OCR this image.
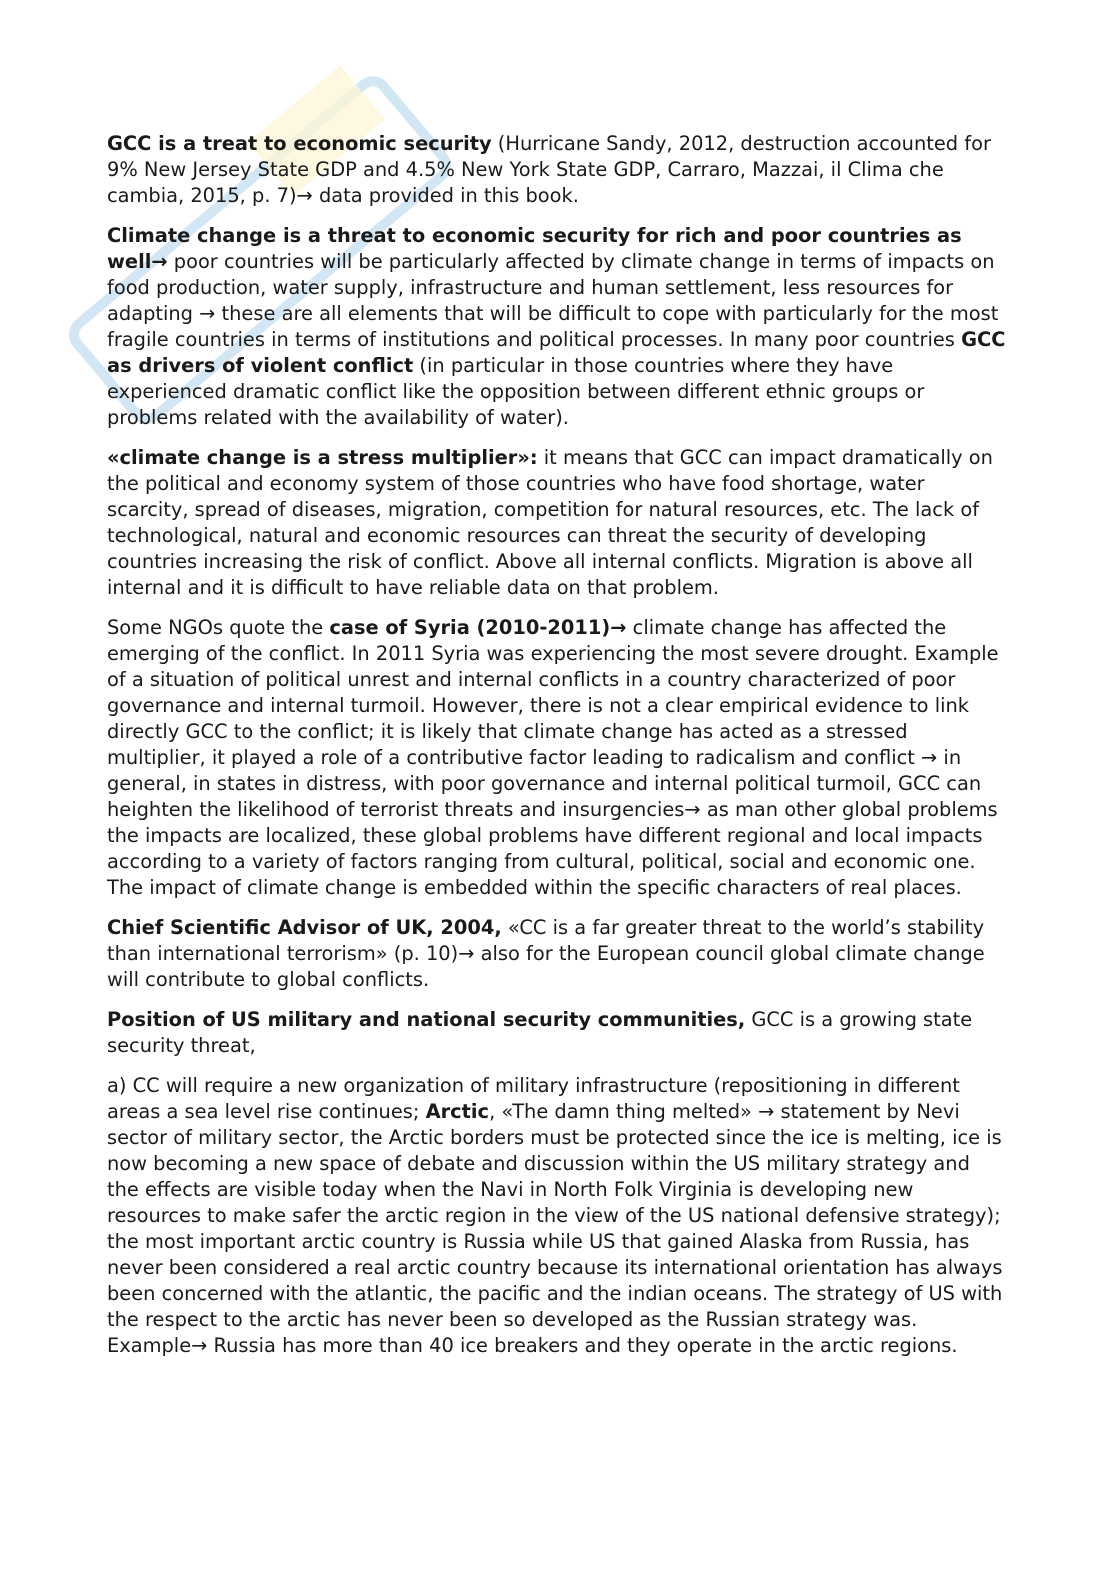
GCC is a treat to economic security (Hurricane Sandy, 2012, destruction accounted for 9% New Jersey State GDP and 4.5% New York State GDP, Carraro, Mazzai, il Clima che cambia, 2015, p. 7)→ data provided in this book.

Climate change is a threat to economic security for rich and poor countries as well→ poor countries will be particularly affected by climate change in terms of impacts on food production, water supply, infrastructure and human settlement, less resources for adapting → these are all elements that will be difficult to cope with particularly for the most fragile countries in terms of institutions and political processes. In many poor countries GCC as drivers of violent conflict (in particular in those countries where they have experienced dramatic conflict like the opposition between different ethnic groups or problems related with the availability of water).

«climate change is a stress multiplier»: it means that GCC can impact dramatically on the political and economy system of those countries who have food shortage, water scarcity, spread of diseases, migration, competition for natural resources, etc. The lack of technological, natural and economic resources can threat the security of developing countries increasing the risk of conflict. Above all internal conflicts. Migration is above all internal and it is difficult to have reliable data on that problem.

Some NGOs quote the case of Syria (2010-2011)→ climate change has affected the emerging of the conflict. In 2011 Syria was experiencing the most severe drought. Example of a situation of political unrest and internal conflicts in a country characterized of poor governance and internal turmoil. However, there is not a clear empirical evidence to link directly GCC to the conflict; it is likely that climate change has acted as a stressed multiplier, it played a role of a contributive factor leading to radicalism and conflict → in general, in states in distress, with poor governance and internal political turmoil, GCC can heighten the likelihood of terrorist threats and insurgencies→ as man other global problems the impacts are localized, these global problems have different regional and local impacts according to a variety of factors ranging from cultural, political, social and economic one. The impact of climate change is embedded within the specific characters of real places.

Chief Scientific Advisor of UK, 2004, «CC is a far greater threat to the world’s stability than international terrorism» (p. 10)→ also for the European council global climate change will contribute to global conflicts.

Position of US military and national security communities, GCC is a growing state security threat,

a) CC will require a new organization of military infrastructure (repositioning in different areas a sea level rise continues; Arctic, «The damn thing melted» → statement by Nevi sector of military sector, the Arctic borders must be protected since the ice is melting, ice is now becoming a new space of debate and discussion within the US military strategy and the effects are visible today when the Navi in North Folk Virginia is developing new resources to make safer the arctic region in the view of the US national defensive strategy); the most important arctic country is Russia while US that gained Alaska from Russia, has never been considered a real arctic country because its international orientation has always been concerned with the atlantic, the pacific and the indian oceans. The strategy of US with the respect to the arctic has never been so developed as the Russian strategy was. Example→ Russia has more than 40 ice breakers and they operate in the arctic regions.
